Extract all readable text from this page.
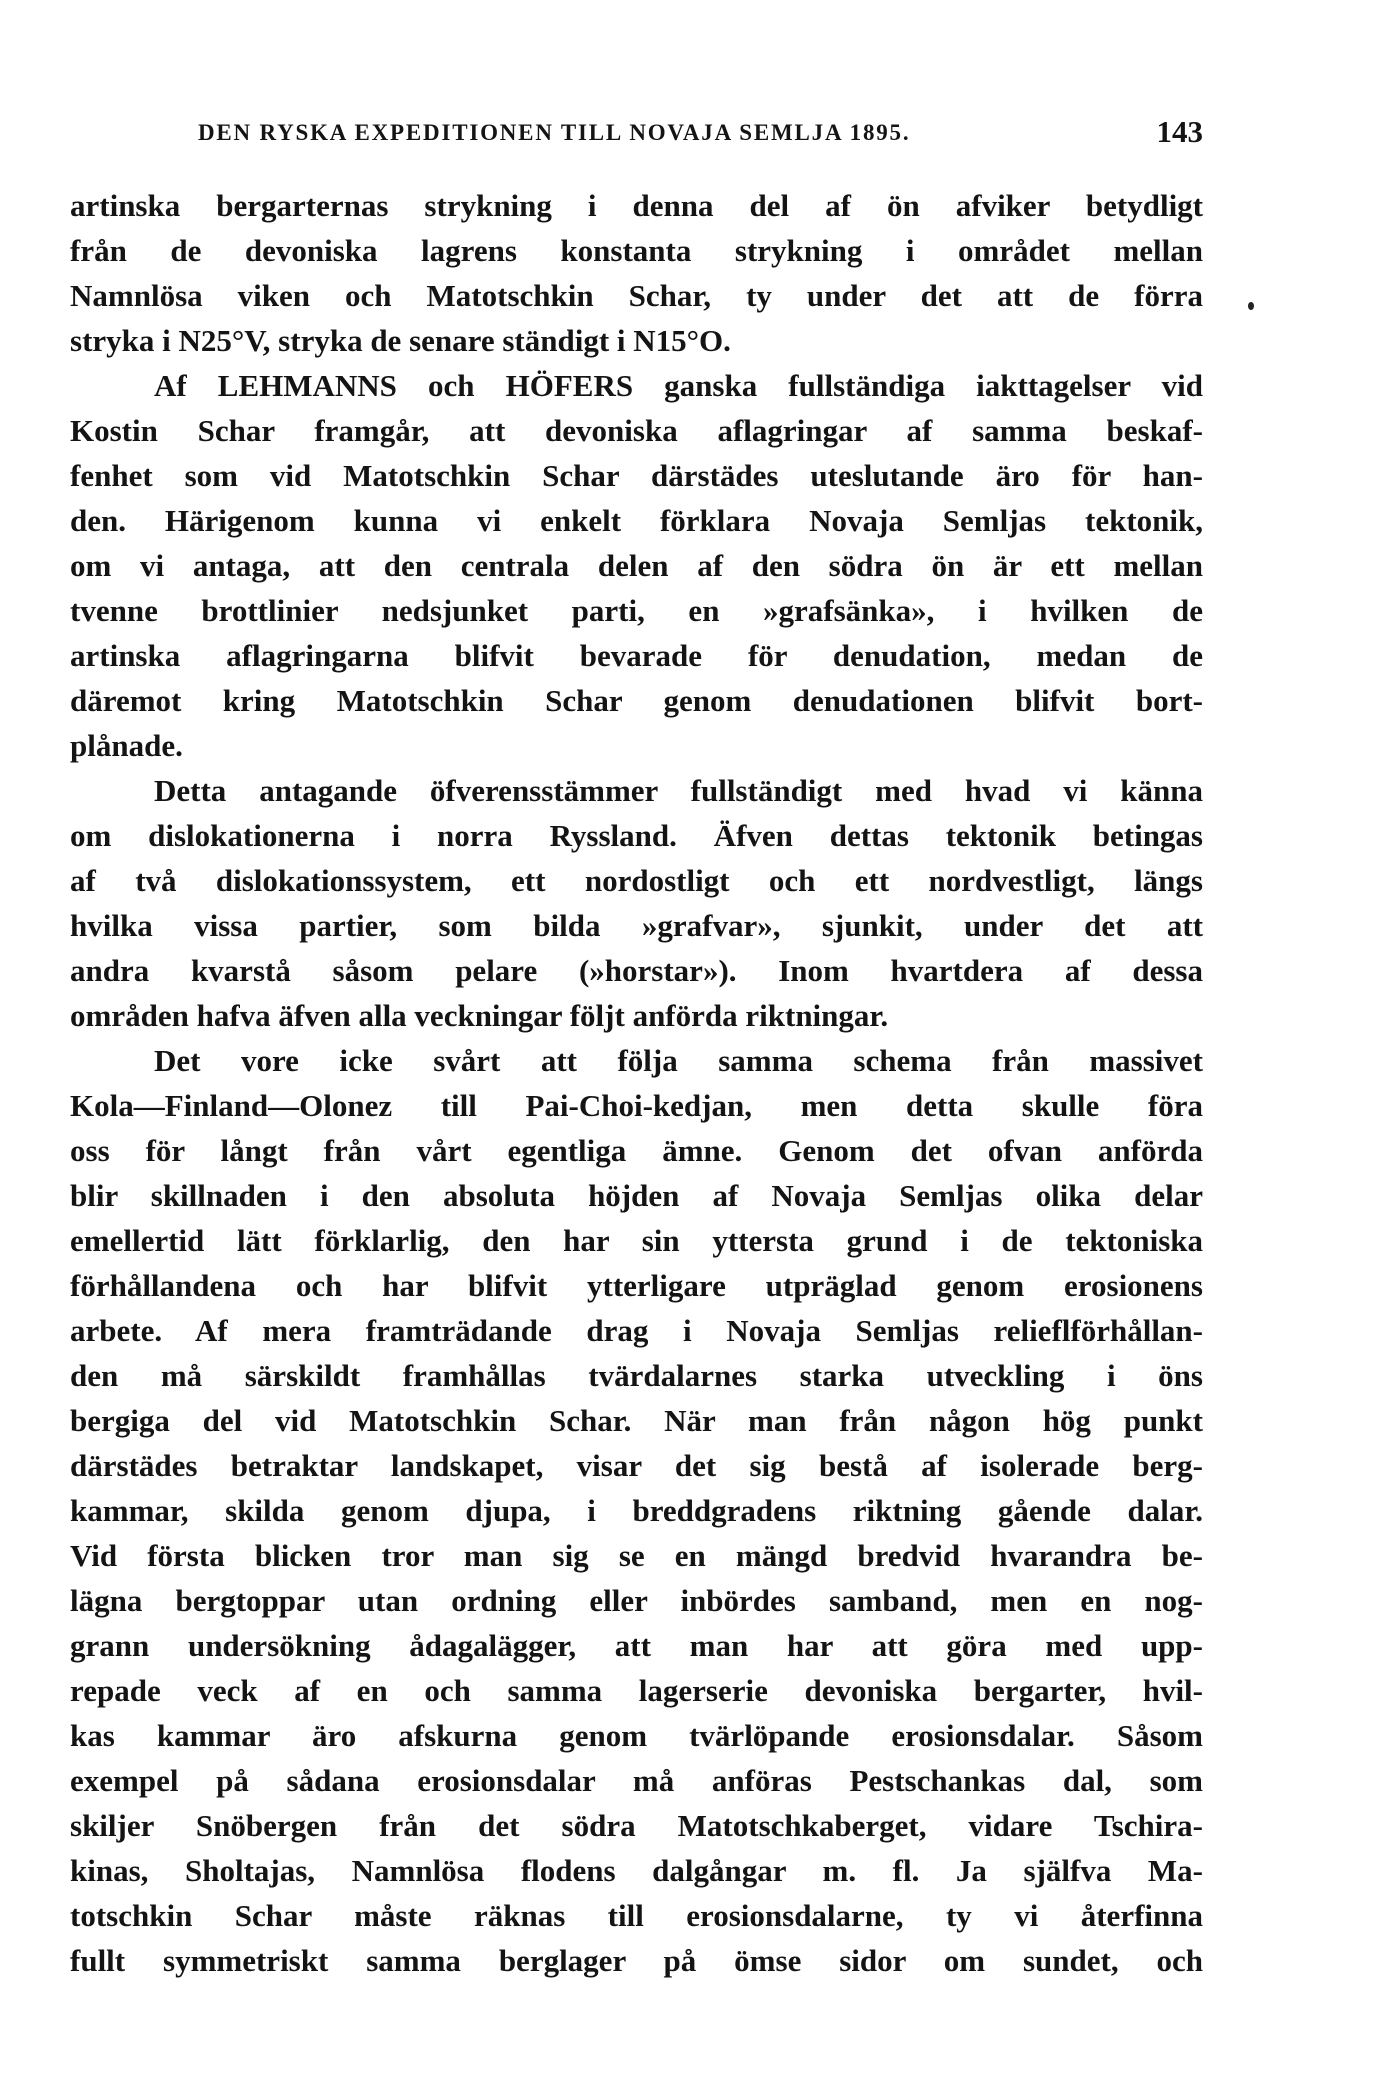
DEN RYSKA EXPEDITIONEN TILL NOVAJA SEMLJA 1895.	143
artinska bergarternas strykning i denna del af ön afviker betydligt
från de devoniska lagrens konstanta strykning i området mellan
Namnlösa viken och Matotschkin Schar, ty under det att de förra
stryka i N25°V, stryka de senare ständigt i N15°O.
Af LEHMANNS och HÖFERS ganska fullständiga iakttagelser vid
Kostin Schar framgår, att devoniska aflagringar af samma beskaf-
fenhet som vid Matotschkin Schar därstädes uteslutande äro för han-
den. Härigenom kunna vi enkelt förklara Novaja Semljas tektonik,
om vi antaga, att den centrala delen af den södra ön är ett mellan
tvenne brottlinier nedsjunket parti, en »grafsänka», i hvilken de
artinska aflagringarna blifvit bevarade för denudation, medan de
däremot kring Matotschkin Schar genom denudationen blifvit bort-
plånade.
Detta antagande öfverensstämmer fullständigt med hvad vi känna
om dislokationerna i norra Ryssland. Äfven dettas tektonik betingas
af två dislokationssystem, ett nordostligt och ett nordvestligt, längs
hvilka vissa partier, som bilda »grafvar», sjunkit, under det att
andra kvarstå såsom pelare (»horstar»). Inom hvartdera af dessa
områden hafva äfven alla veckningar följt anförda riktningar.
Det vore icke svårt att följa samma schema från massivet
Kola—Finland—Olonez till Pai-Choi-kedjan, men detta skulle föra
oss för långt från vårt egentliga ämne. Genom det ofvan anförda
blir skillnaden i den absoluta höjden af Novaja Semljas olika delar
emellertid lätt förklarlig, den har sin yttersta grund i de tektoniska
förhållandena och har blifvit ytterligare utpräglad genom erosionens
arbete. Af mera framträdande drag i Novaja Semljas relieflförhållan-
den må särskildt framhållas tvärdalarnes starka utveckling i öns
bergiga del vid Matotschkin Schar. När man från någon hög punkt
därstädes betraktar landskapet, visar det sig bestå af isolerade berg-
kammar, skilda genom djupa, i breddgradens riktning gående dalar.
Vid första blicken tror man sig se en mängd bredvid hvarandra be-
lägna bergtoppar utan ordning eller inbördes samband, men en nog-
grann undersökning ådagalägger, att man har att göra med upp-
repade veck af en och samma lagerserie devoniska bergarter, hvil-
kas kammar äro afskurna genom tvärlöpande erosionsdalar. Såsom
exempel på sådana erosionsdalar må anföras Pestschankas dal, som
skiljer Snöbergen från det södra Matotschkaberget, vidare Tschira-
kinas, Sholtajas, Namnlösa flodens dalgångar m. fl. Ja själfva Ma-
totschkin Schar måste räknas till erosionsdalarne, ty vi återfinna
fullt symmetriskt samma berglager på ömse sidor om sundet, och
